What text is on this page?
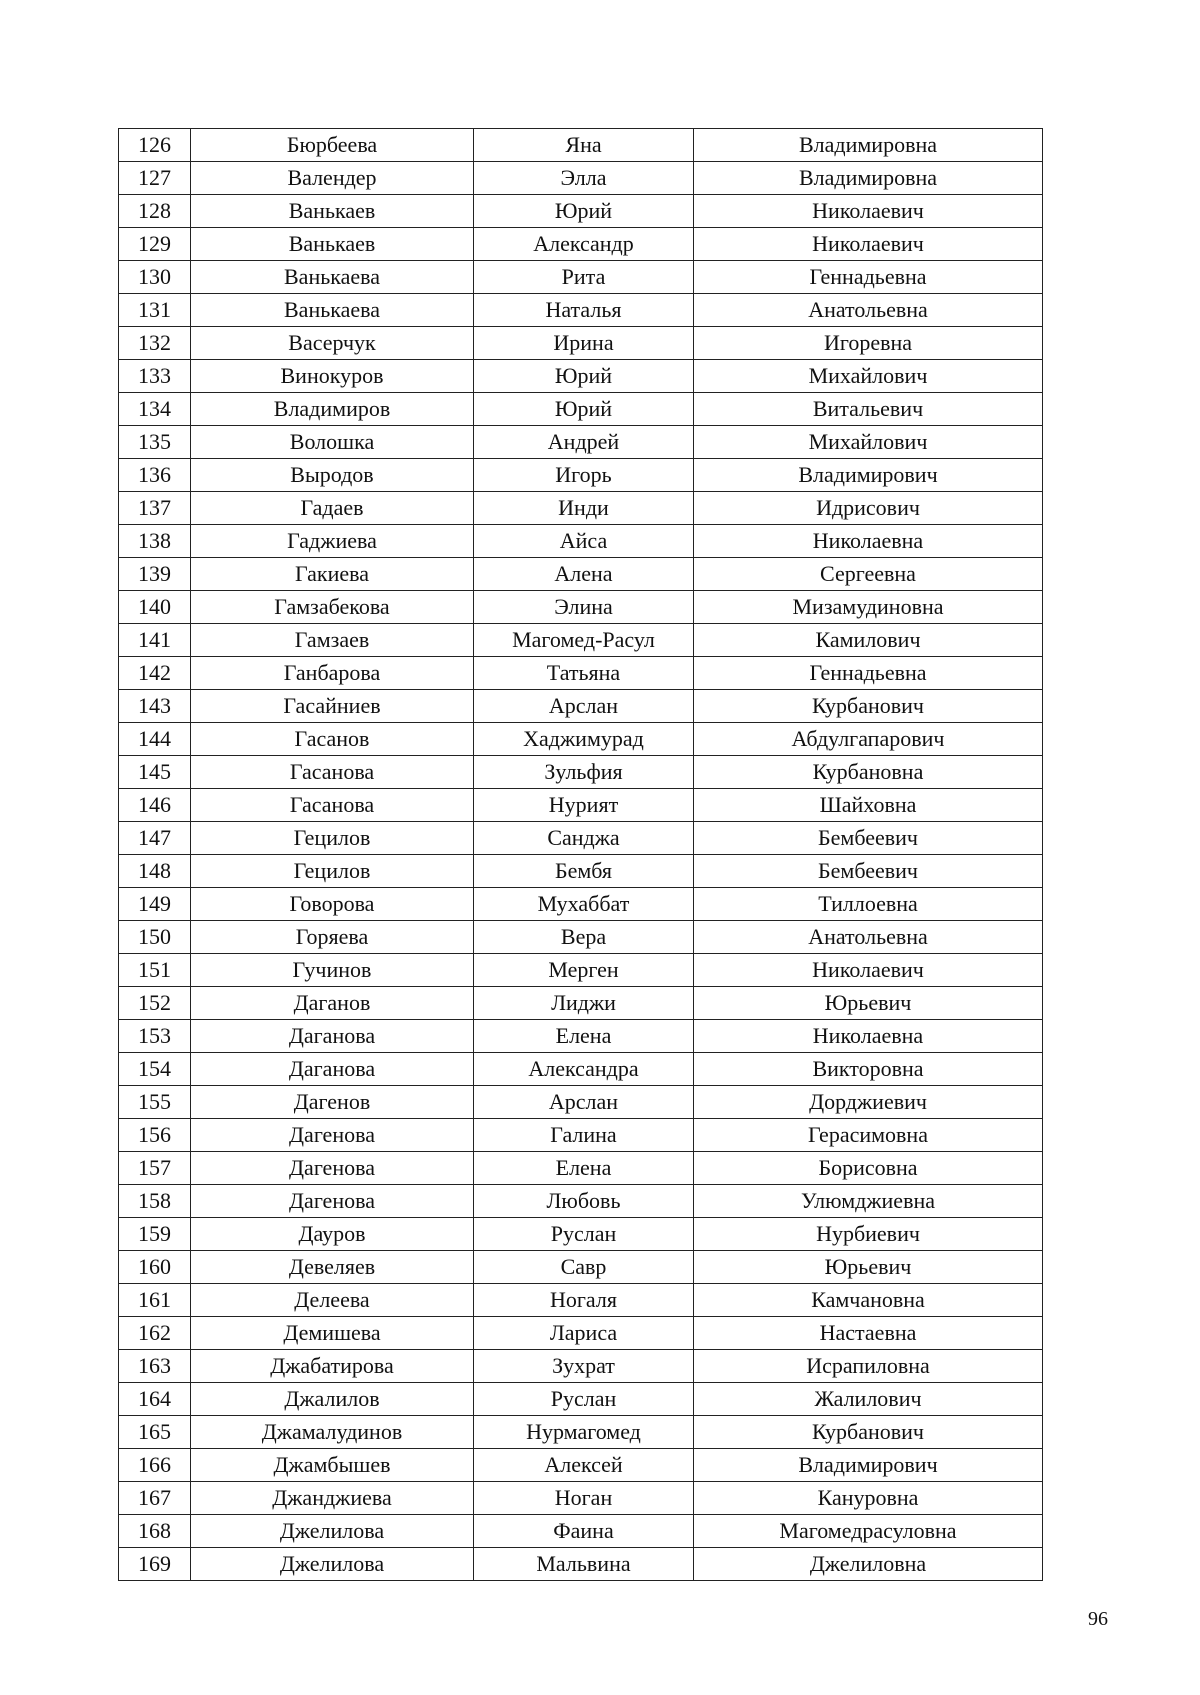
126	Бюрбеева	Яна	Владимировна
127	Валендер	Элла	Владимировна
128	Ванькаев	Юрий	Николаевич
129	Ванькаев	Александр	Николаевич
130	Ванькаева	Рита	Геннадьевна
131	Ванькаева	Наталья	Анатольевна
132	Васерчук	Ирина	Игоревна
133	Винокуров	Юрий	Михайлович
134	Владимиров	Юрий	Витальевич
135	Волошка	Андрей	Михайлович
136	Выродов	Игорь	Владимирович
137	Гадаев	Инди	Идрисович
138	Гаджиева	Айса	Николаевна
139	Гакиева	Алена	Сергеевна
140	Гамзабекова	Элина	Мизамудиновна
141	Гамзаев	Магомед-Расул	Камилович
142	Ганбарова	Татьяна	Геннадьевна
143	Гасайниев	Арслан	Курбанович
144	Гасанов	Хаджимурад	Абдулгапарович
145	Гасанова	Зульфия	Курбановна
146	Гасанова	Нурият	Шайховна
147	Гецилов	Санджа	Бембеевич
148	Гецилов	Бембя	Бембеевич
149	Говорова	Мухаббат	Тиллоевна
150	Горяева	Вера	Анатольевна
151	Гучинов	Мерген	Николаевич
152	Даганов	Лиджи	Юрьевич
153	Даганова	Елена	Николаевна
154	Даганова	Александра	Викторовна
155	Дагенов	Арслан	Дорджиевич
156	Дагенова	Галина	Герасимовна
157	Дагенова	Елена	Борисовна
158	Дагенова	Любовь	Улюмджиевна
159	Дауров	Руслан	Нурбиевич
160	Девеляев	Савр	Юрьевич
161	Делеева	Ногаля	Камчановна
162	Демишева	Лариса	Настаевна
163	Джабатирова	Зухрат	Исрапиловна
164	Джалилов	Руслан	Жалилович
165	Джамалудинов	Нурмагомед	Курбанович
166	Джамбышев	Алексей	Владимирович
167	Джанджиева	Ноган	Кануровна
168	Джелилова	Фаина	Магомедрасуловна
169	Джелилова	Мальвина	Джелиловна
96
